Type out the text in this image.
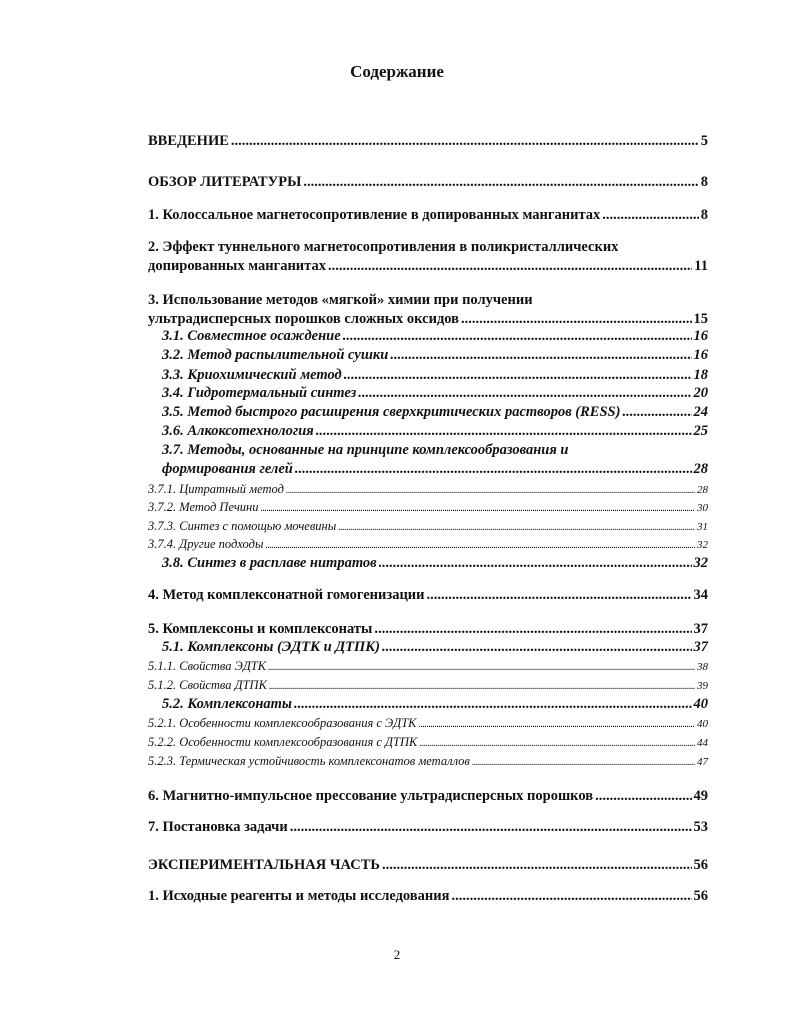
Содержание
ВВЕДЕНИЕ .....	5
ОБЗОР ЛИТЕРАТУРЫ .....	8
1. Колоссальное магнетосопротивление в допированных манганитах .....	8
2. Эффект туннельного магнетосопротивления в поликристаллических
допированных манганитах .....	11
3. Использование методов «мягкой» химии при получении
ультрадисперсных порошков сложных оксидов .....	15
3.1. Совместное осаждение .....	16
3.2. Метод распылительной сушки .....	16
3.3. Криохимический метод .....	18
3.4. Гидротермальный синтез .....	20
3.5. Метод быстрого расширения сверхкритических растворов (RESS) .....	24
3.6. Алкоксотехнология .....	25
3.7. Методы, основанные на принципе комплексообразования и
формирования гелей .....	28
3.7.1. Цитратный метод .....	28
3.7.2. Метод Печини .....	30
3.7.3. Синтез с помощью мочевины .....	31
3.7.4. Другие подходы .....	32
3.8. Синтез в расплаве нитратов .....	32
4. Метод комплексонатной гомогенизации .....	34
5. Комплексоны и комплексонаты .....	37
5.1. Комплексоны (ЭДТК и ДТПК) .....	37
5.1.1. Свойства ЭДТК .....	38
5.1.2. Свойства ДТПК .....	39
5.2. Комплексонаты .....	40
5.2.1. Особенности комплексообразования с ЭДТК .....	40
5.2.2. Особенности комплексообразования с ДТПК .....	44
5.2.3. Термическая устойчивость комплексонатов металлов .....	47
6. Магнитно-импульсное прессование ультрадисперсных порошков .....	49
7. Постановка задачи .....	53
ЭКСПЕРИМЕНТАЛЬНАЯ ЧАСТЬ .....	56
1. Исходные реагенты и методы исследования .....	56
2
